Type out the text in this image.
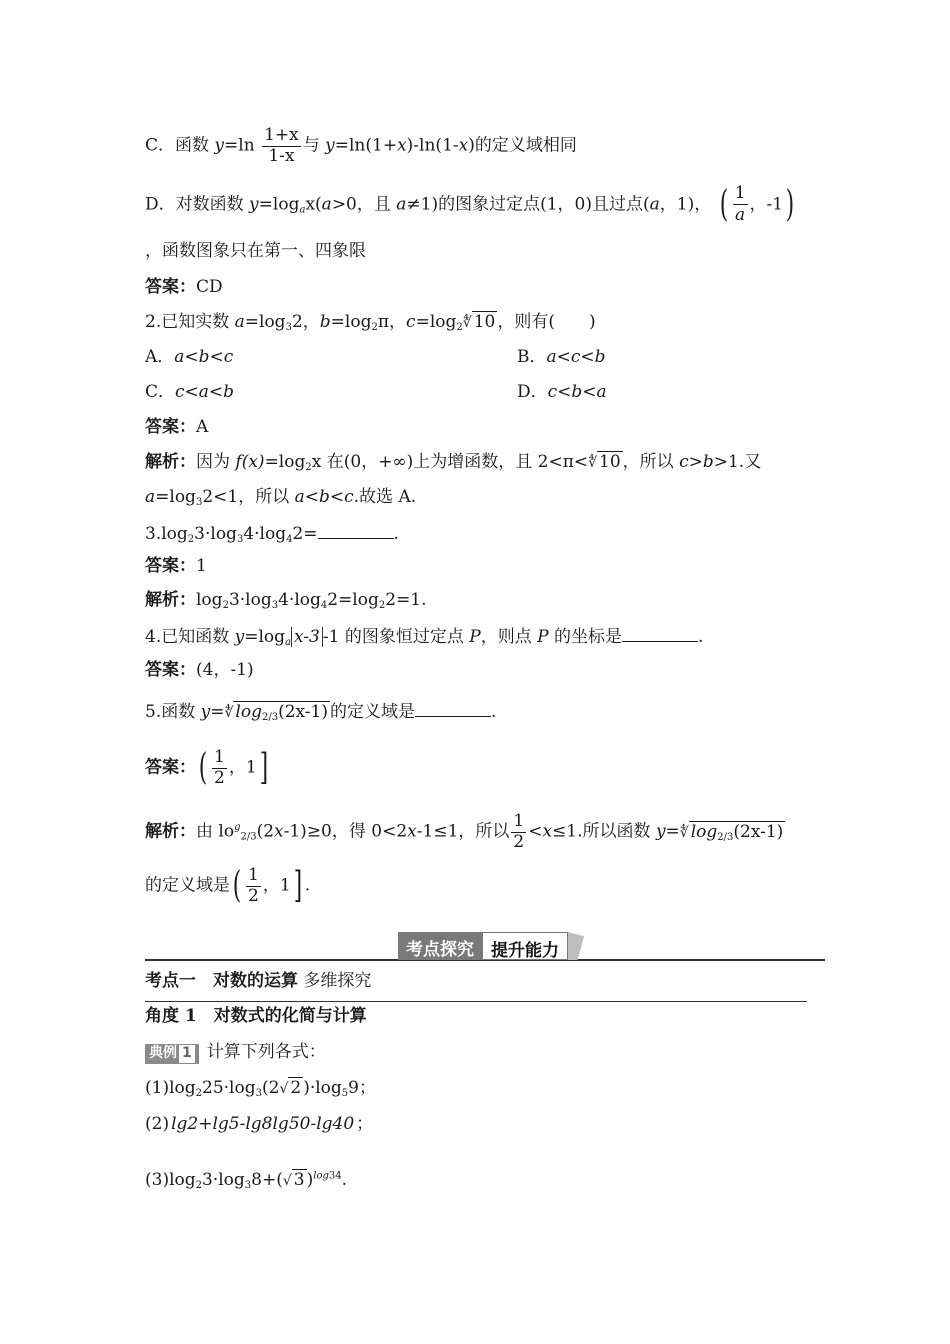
C．函数 $y=\ln \frac{1+x}{1-x}$ 与 y=ln(1+x)-ln(1-x)的定义域相同
D．对数函数 $y=\log_ax(a>0$，且 a≠1)的图象过定点(1，0)且过点(a，1)， ( $\frac{1}{a}$ ，-1)
，函数图象只在第一、四象限
答案：CD
2.已知实数 $a=\log_32$，$b=\log_2\pi$，$c=\log_2∜$ 10 ，则有(　　)
A．a<b<c	B．a<c<b
C．c<a<b	D．c<b<a
答案：A
解析：因为 $f(x)=\log_2x$ 在(0，+∞)上为增函数，且 2<π<∜ 10 ，所以 c>b>1.又
$a=\log_32<1$，所以 a<b<c.故选 A.
$3.\log_23\cdot\log_34\cdot\log_42=$	.
答案：1
解析：$\log_23\cdot\log_34\cdot\log_42=\log_22=1$.
4.已知函数 $y=\log_a$ x-3 -1 的图象恒过定点 P，则点 P 的坐标是	.
答案：(4，-1)
5.函数 y=∜ $\log_{2/3}(2x-1)$ 的定义域是	.
答案：( $\frac{1}{2}$ ，1]
解析：由 $lo^g_{2/3}(2x-1)\ge 0$，得 0<2x-1≤1，所以 $\frac{1}{2} <x\le 1$.所以函数 y=∜ $\log_{2/3}(2x-1)$
的定义域是( $\frac{1}{2}$ ，1] .
考点探究	提升能力
考点一　对数的运算 多维探究
角度 1　对数式的化简与计算
典例 1 计算下列各式：
$(1)\log_225\cdot\log_3(2√$ 2 )$\cdot\log_59$；
(2) lg2+lg5-lg8lg50-lg40 ；
$(3)\log_23\cdot\log_38+(√$ 3 )$^{log34}$.
